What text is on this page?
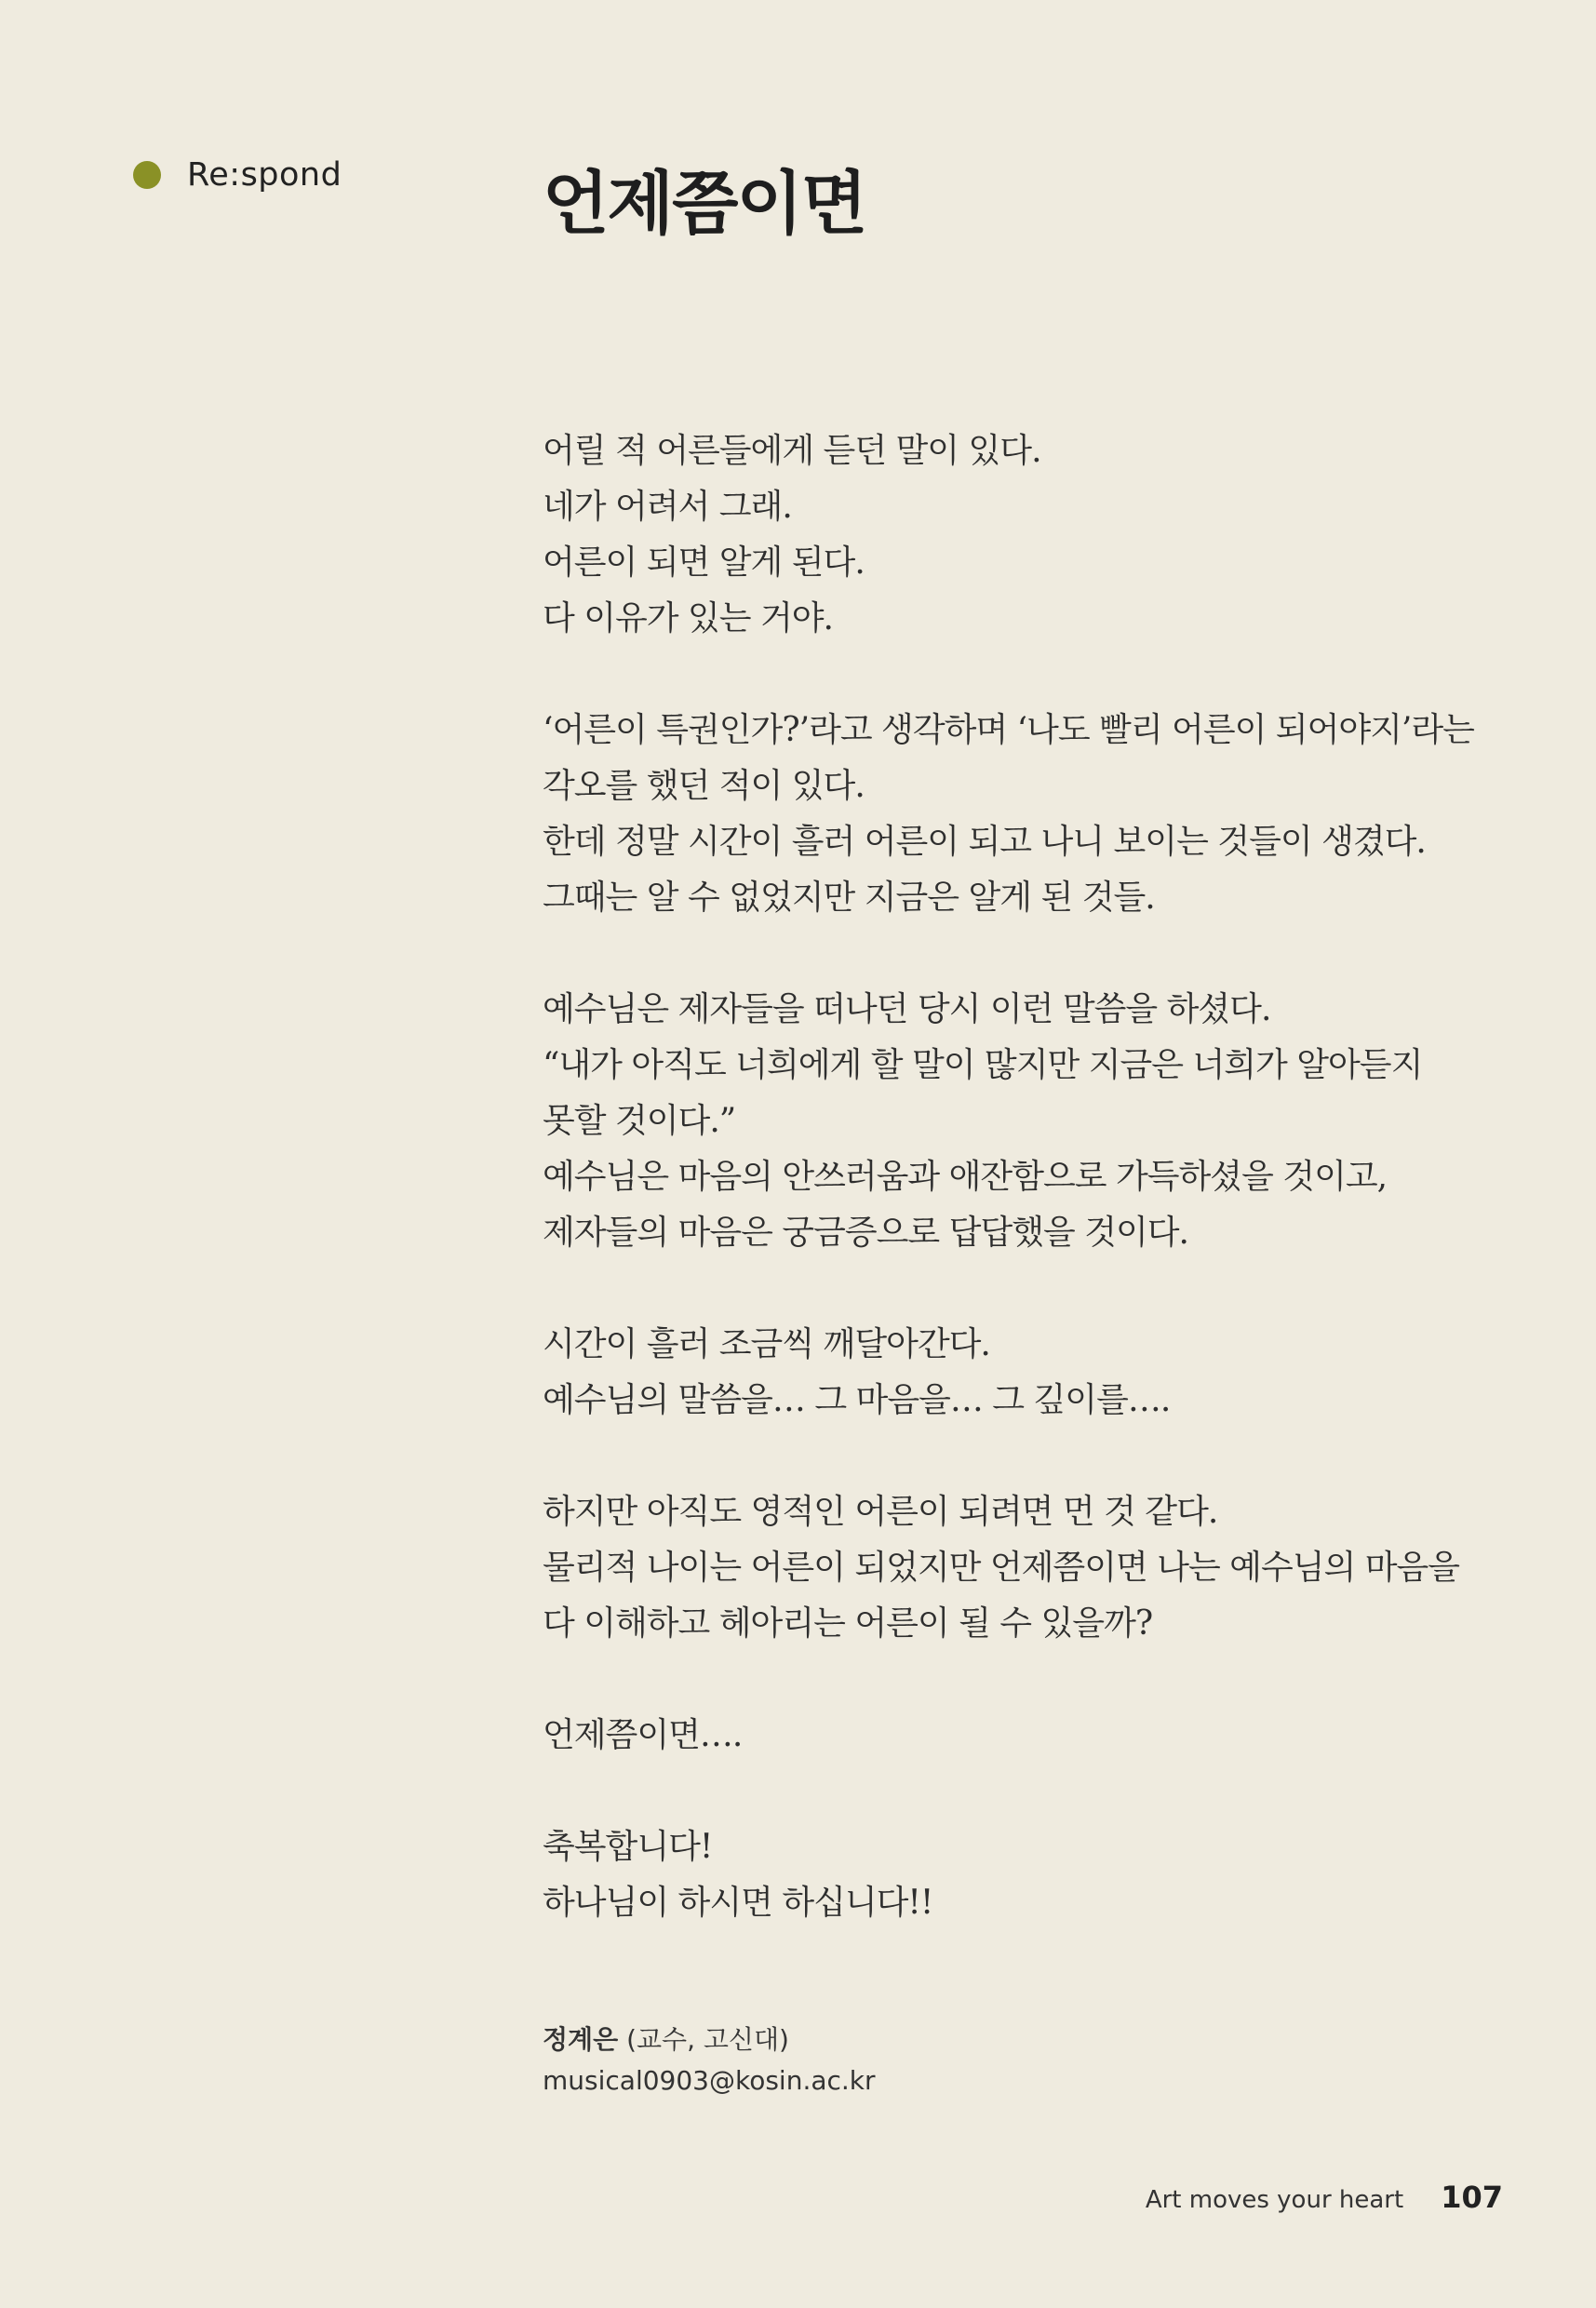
Re:spond	언제쯤이면

어릴 적 어른들에게 듣던 말이 있다.
네가 어려서 그래.
어른이 되면 알게 된다.
다 이유가 있는 거야.

‘어른이 특권인가?’라고 생각하며 ‘나도 빨리 어른이 되어야지’라는
각오를 했던 적이 있다.
한데 정말 시간이 흘러 어른이 되고 나니 보이는 것들이 생겼다.
그때는 알 수 없었지만 지금은 알게 된 것들.

예수님은 제자들을 떠나던 당시 이런 말씀을 하셨다.
“내가 아직도 너희에게 할 말이 많지만 지금은 너희가 알아듣지
못할 것이다.”
예수님은 마음의 안쓰러움과 애잔함으로 가득하셨을 것이고,
제자들의 마음은 궁금증으로 답답했을 것이다.

시간이 흘러 조금씩 깨달아간다.
예수님의 말씀을… 그 마음을… 그 깊이를….

하지만 아직도 영적인 어른이 되려면 먼 것 같다.
물리적 나이는 어른이 되었지만 언제쯤이면 나는 예수님의 마음을
다 이해하고 헤아리는 어른이 될 수 있을까?

언제쯤이면….

축복합니다!
하나님이 하시면 하십니다!!

정계은 (교수, 고신대)
musical0903@kosin.ac.kr
Art moves your heart 107
